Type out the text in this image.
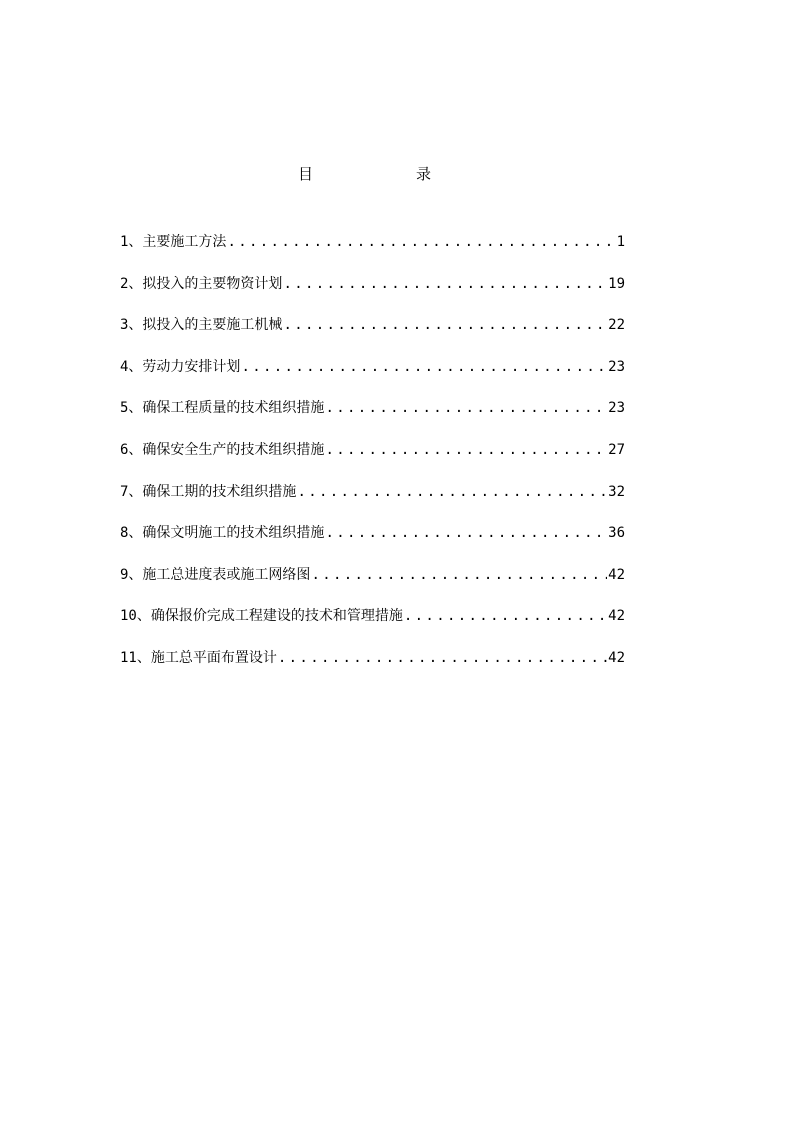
目	录
1、主要施工方法 .....	1
2、拟投入的主要物资计划 .....	19
3、拟投入的主要施工机械 .....	22
4、劳动力安排计划 .....	23
5、确保工程质量的技术组织措施 .....	23
6、确保安全生产的技术组织措施 .....	27
7、确保工期的技术组织措施 .....	32
8、确保文明施工的技术组织措施 .....	36
9、施工总进度表或施工网络图 .....	42
10、确保报价完成工程建设的技术和管理措施 .....	42
11、施工总平面布置设计 .....	42
